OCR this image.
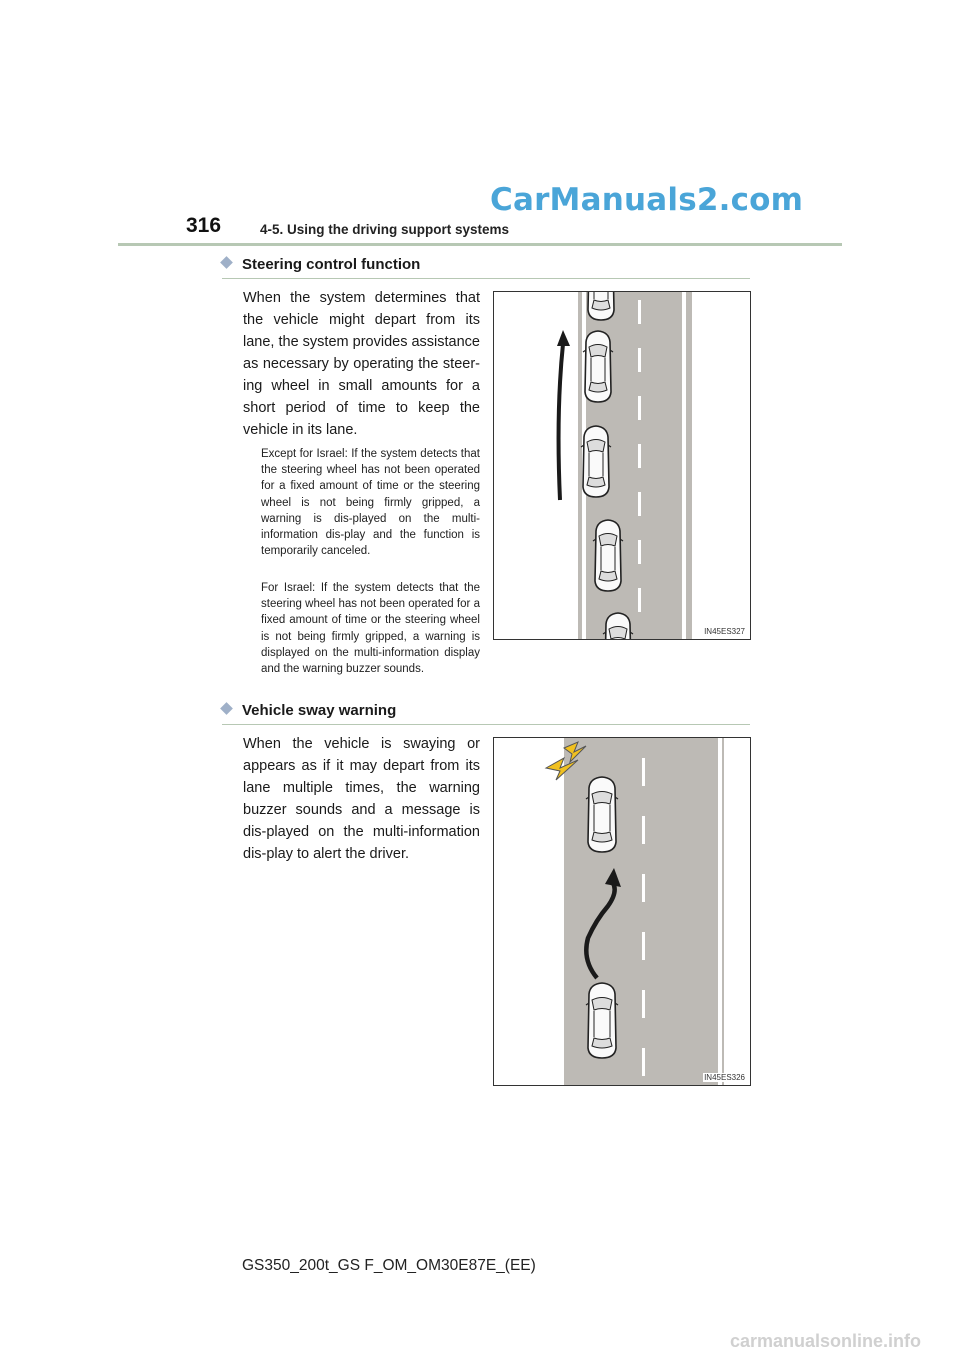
CarManuals2.com
316	4-5. Using the driving support systems
Steering control function
When the system determines that the vehicle might depart from its lane, the system provides assistance as necessary by operating the steer-ing wheel in small amounts for a short period of time to keep the vehicle in its lane.
Except for Israel: If the system detects that the steering wheel has not been operated for a fixed amount of time or the steering wheel is not being firmly gripped, a warning is dis-played on the multi-information dis-play and the function is temporarily canceled.
For Israel: If the system detects that the steering wheel has not been operated for a fixed amount of time or the steering wheel is not being firmly gripped, a warning is displayed on the multi-information display and the warning buzzer sounds.
IN45ES327
Vehicle sway warning
When the vehicle is swaying or appears as if it may depart from its lane multiple times, the warning buzzer sounds and a message is dis-played on the multi-information dis-play to alert the driver.
IN45ES326
GS350_200t_GS F_OM_OM30E87E_(EE)
carmanualsonline.info
